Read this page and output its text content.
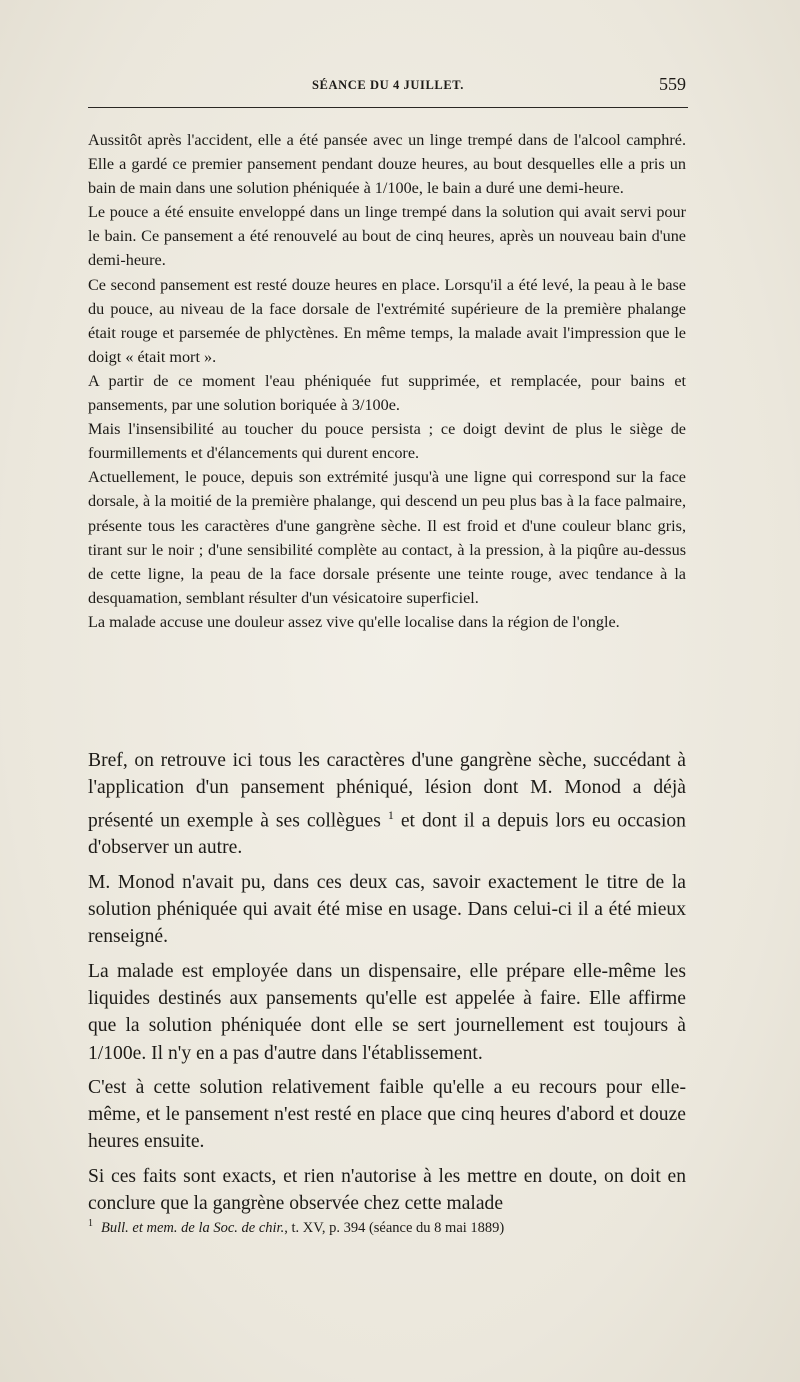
SÉANCE DU 4 JUILLET.	559

Aussitôt après l'accident, elle a été pansée avec un linge trempé dans de l'alcool camphré. Elle a gardé ce premier pansement pendant douze heures, au bout desquelles elle a pris un bain de main dans une solution phéniquée à 1/100e, le bain a duré une demi-heure.

Le pouce a été ensuite enveloppé dans un linge trempé dans la solution qui avait servi pour le bain. Ce pansement a été renouvelé au bout de cinq heures, après un nouveau bain d'une demi-heure.

Ce second pansement est resté douze heures en place. Lorsqu'il a été levé, la peau à le base du pouce, au niveau de la face dorsale de l'extrémité supérieure de la première phalange était rouge et parsemée de phlyctènes. En même temps, la malade avait l'impression que le doigt « était mort ».

A partir de ce moment l'eau phéniquée fut supprimée, et remplacée, pour bains et pansements, par une solution boriquée à 3/100e.

Mais l'insensibilité au toucher du pouce persista ; ce doigt devint de plus le siège de fourmillements et d'élancements qui durent encore.

Actuellement, le pouce, depuis son extrémité jusqu'à une ligne qui correspond sur la face dorsale, à la moitié de la première phalange, qui descend un peu plus bas à la face palmaire, présente tous les caractères d'une gangrène sèche. Il est froid et d'une couleur blanc gris, tirant sur le noir ; d'une sensibilité complète au contact, à la pression, à la piqûre au-dessus de cette ligne, la peau de la face dorsale présente une teinte rouge, avec tendance à la desquamation, semblant résulter d'un vésicatoire superficiel.

La malade accuse une douleur assez vive qu'elle localise dans la région de l'ongle.

Bref, on retrouve ici tous les caractères d'une gangrène sèche, succédant à l'application d'un pansement phéniqué, lésion dont M. Monod a déjà présenté un exemple à ses collègues $^1$ et dont il a depuis lors eu occasion d'observer un autre.

M. Monod n'avait pu, dans ces deux cas, savoir exactement le titre de la solution phéniquée qui avait été mise en usage. Dans celui-ci il a été mieux renseigné.

La malade est employée dans un dispensaire, elle prépare elle-même les liquides destinés aux pansements qu'elle est appelée à faire. Elle affirme que la solution phéniquée dont elle se sert journellement est toujours à 1/100e. Il n'y en a pas d'autre dans l'établissement.

C'est à cette solution relativement faible qu'elle a eu recours pour elle-même, et le pansement n'est resté en place que cinq heures d'abord et douze heures ensuite.

Si ces faits sont exacts, et rien n'autorise à les mettre en doute, on doit en conclure que la gangrène observée chez cette malade

$^1$ Bull. et mem. de la Soc. de chir., t. XV, p. 394 (séance du 8 mai 1889)
